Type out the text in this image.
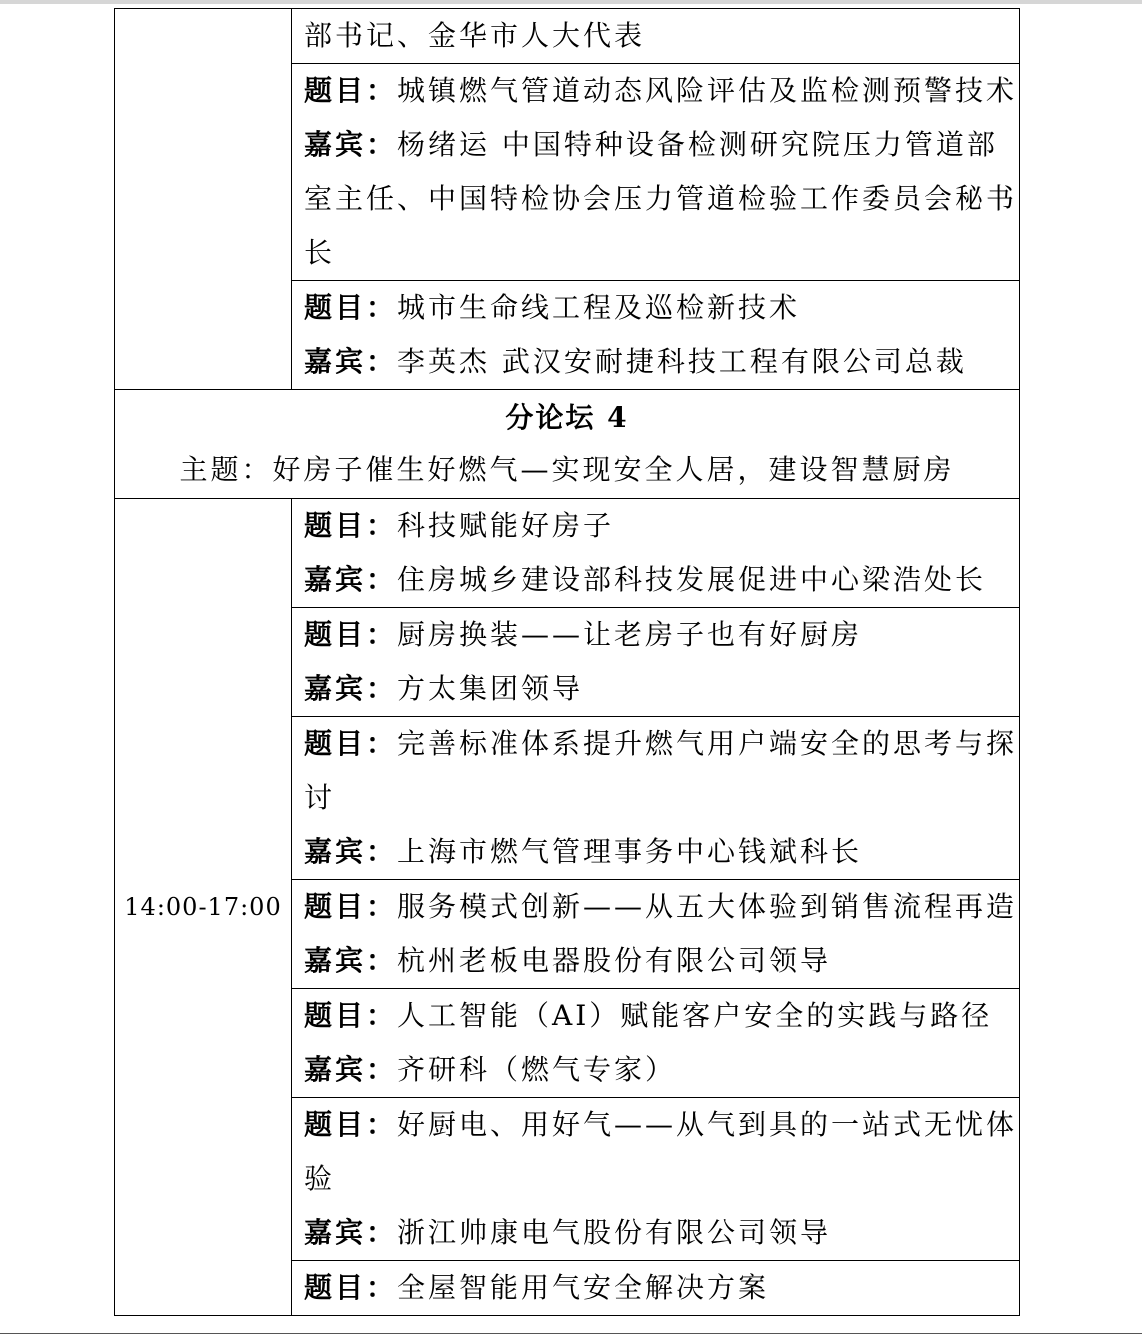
	部书记、金华市人大代表

	题目：城镇燃气管道动态风险评估及监检测预警技术
嘉宾：杨绪运 中国特种设备检测研究院压力管道部
室主任、中国特检协会压力管道检验工作委员会秘书
长

	题目：城市生命线工程及巡检新技术
嘉宾：李英杰 武汉安耐捷科技工程有限公司总裁

分论坛 4
主题：好房子催生好燃气—实现安全人居，建设智慧厨房	

14:00-17:00	题目：科技赋能好房子
嘉宾：住房城乡建设部科技发展促进中心梁浩处长

	题目：厨房换装——让老房子也有好厨房
嘉宾：方太集团领导

	题目：完善标准体系提升燃气用户端安全的思考与探
讨
嘉宾：上海市燃气管理事务中心钱斌科长

	题目：服务模式创新——从五大体验到销售流程再造
嘉宾：杭州老板电器股份有限公司领导

	题目：人工智能（AI）赋能客户安全的实践与路径
嘉宾：齐研科（燃气专家）

	题目：好厨电、用好气——从气到具的一站式无忧体
验
嘉宾：浙江帅康电气股份有限公司领导

	题目：全屋智能用气安全解决方案
